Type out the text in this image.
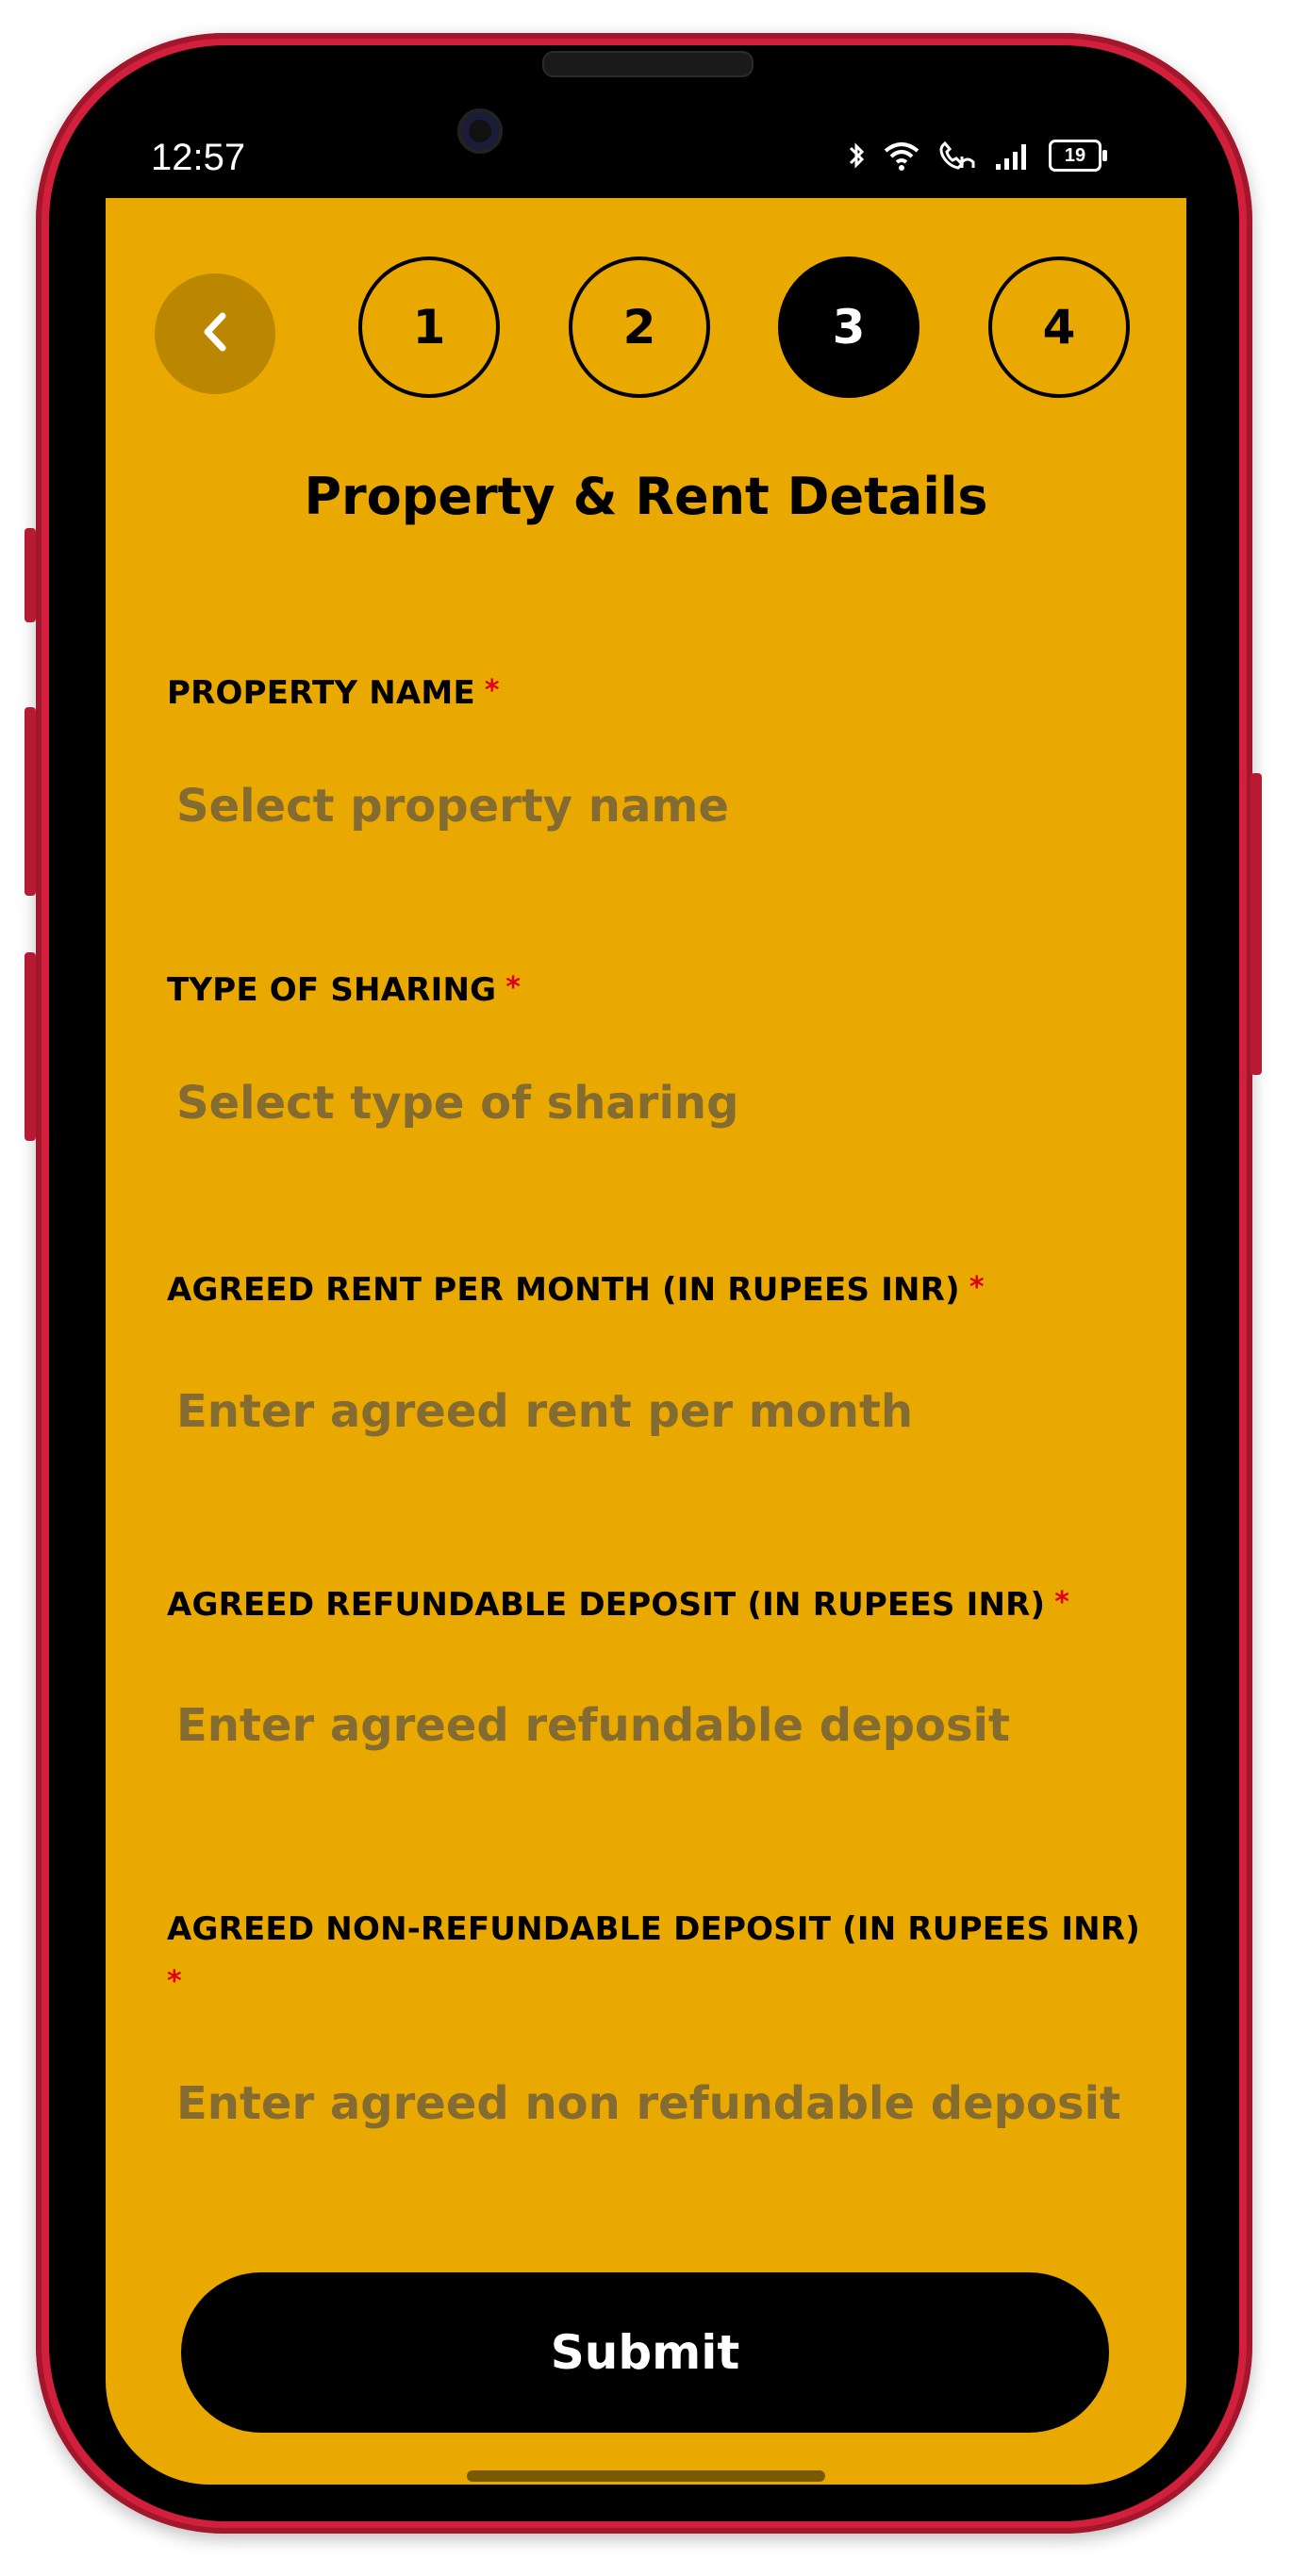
12:57	19
1	2	3	4
Property & Rent Details
PROPERTY NAME *
Select property name
TYPE OF SHARING *
Select type of sharing
AGREED RENT PER MONTH (IN RUPEES INR) *
Enter agreed rent per month
AGREED REFUNDABLE DEPOSIT (IN RUPEES INR) *
Enter agreed refundable deposit
AGREED NON-REFUNDABLE DEPOSIT (IN RUPEES INR)
*
Enter agreed non refundable deposit
Submit
